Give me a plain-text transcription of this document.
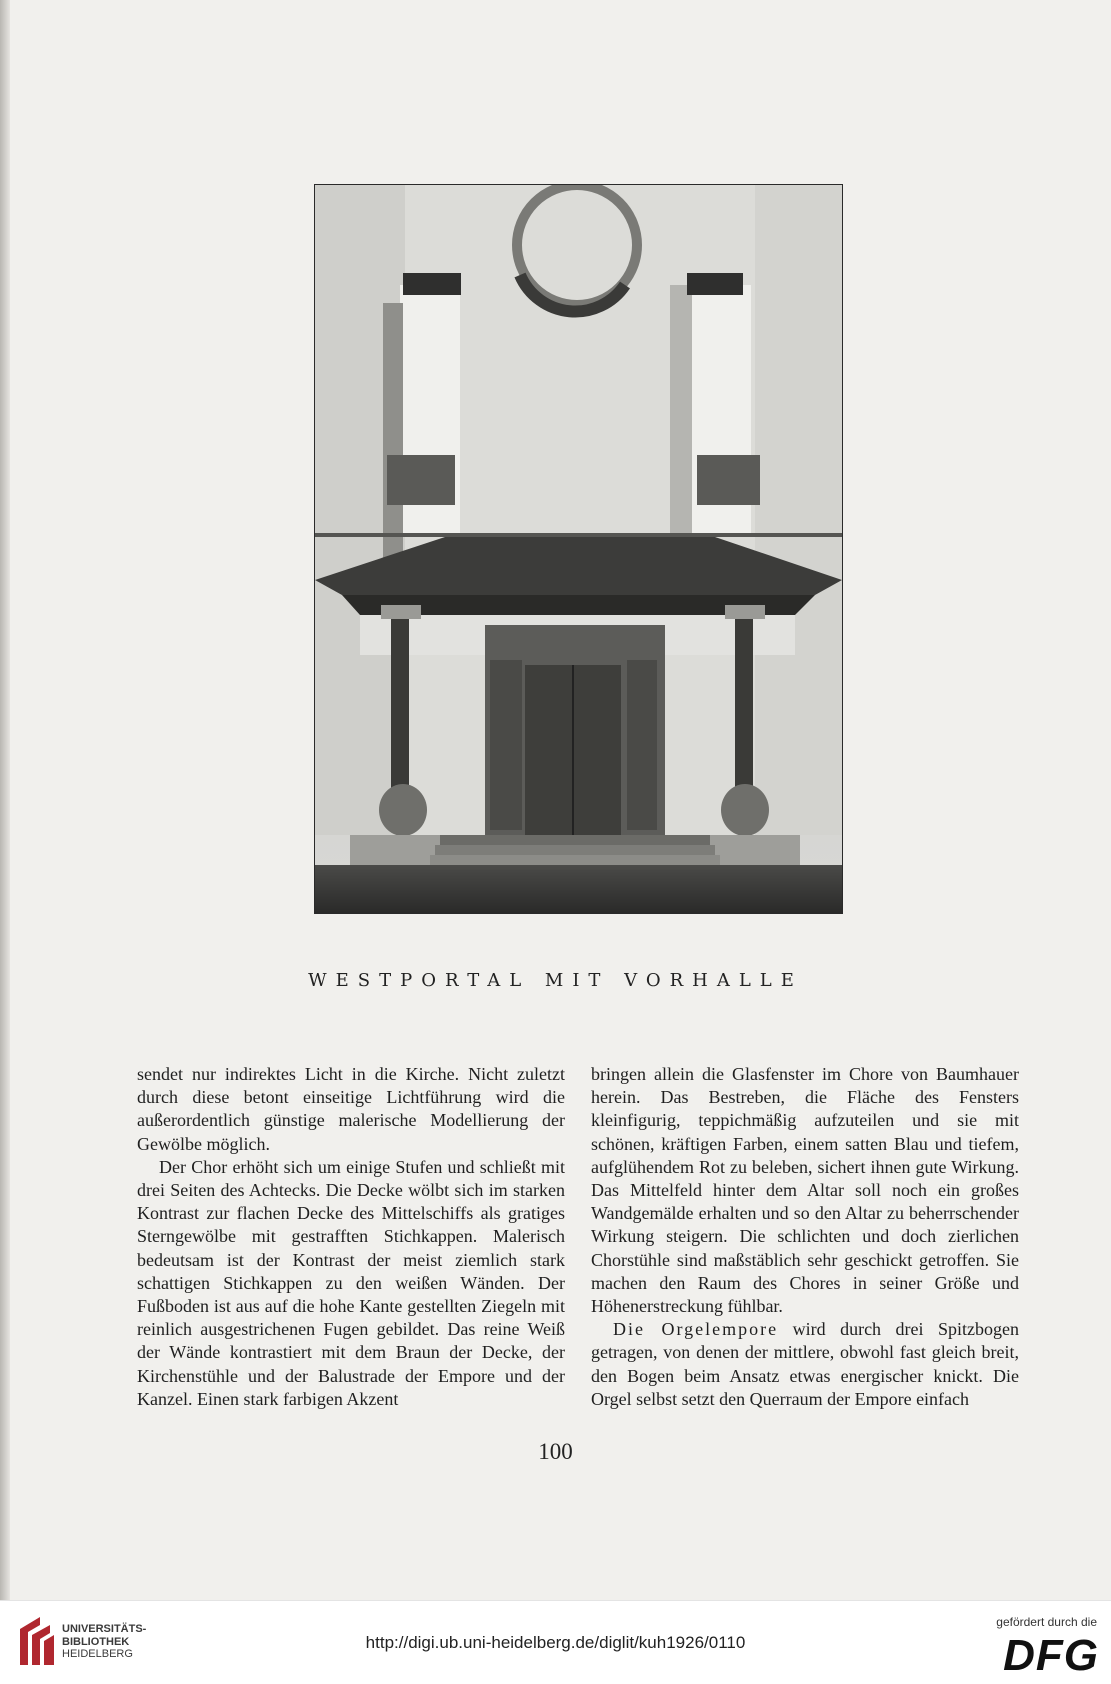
WESTPORTAL MIT VORHALLE

sendet nur indirektes Licht in die Kirche. Nicht zuletzt durch diese betont einseitige Lichtführung wird die außerordentlich günstige malerische Modellierung der Gewölbe möglich.

Der Chor erhöht sich um einige Stufen und schließt mit drei Seiten des Achtecks. Die Decke wölbt sich im starken Kontrast zur flachen Decke des Mittelschiffs als gratiges Sterngewölbe mit gestrafften Stichkappen. Malerisch bedeutsam ist der Kontrast der meist ziemlich stark schattigen Stichkappen zu den weißen Wänden. Der Fußboden ist aus auf die hohe Kante gestellten Ziegeln mit reinlich ausgestrichenen Fugen gebildet. Das reine Weiß der Wände kontrastiert mit dem Braun der Decke, der Kirchenstühle und der Balustrade der Empore und der Kanzel. Einen stark farbigen Akzent

bringen allein die Glasfenster im Chore von Baumhauer herein. Das Bestreben, die Fläche des Fensters kleinfigurig, teppichmäßig aufzuteilen und sie mit schönen, kräftigen Farben, einem satten Blau und tiefem, aufglühendem Rot zu beleben, sichert ihnen gute Wirkung. Das Mittelfeld hinter dem Altar soll noch ein großes Wandgemälde erhalten und so den Altar zu beherrschender Wirkung steigern. Die schlichten und doch zierlichen Chorstühle sind maßstäblich sehr geschickt getroffen. Sie machen den Raum des Chores in seiner Größe und Höhenerstreckung fühlbar.

Die Orgelempore wird durch drei Spitzbogen getragen, von denen der mittlere, obwohl fast gleich breit, den Bogen beim Ansatz etwas energischer knickt. Die Orgel selbst setzt den Querraum der Empore einfach

100
UNIVERSITÄTS-
BIBLIOTHEK
HEIDELBERG
http://digi.ub.uni-heidelberg.de/diglit/kuh1926/0110
gefördert durch die
DFG
